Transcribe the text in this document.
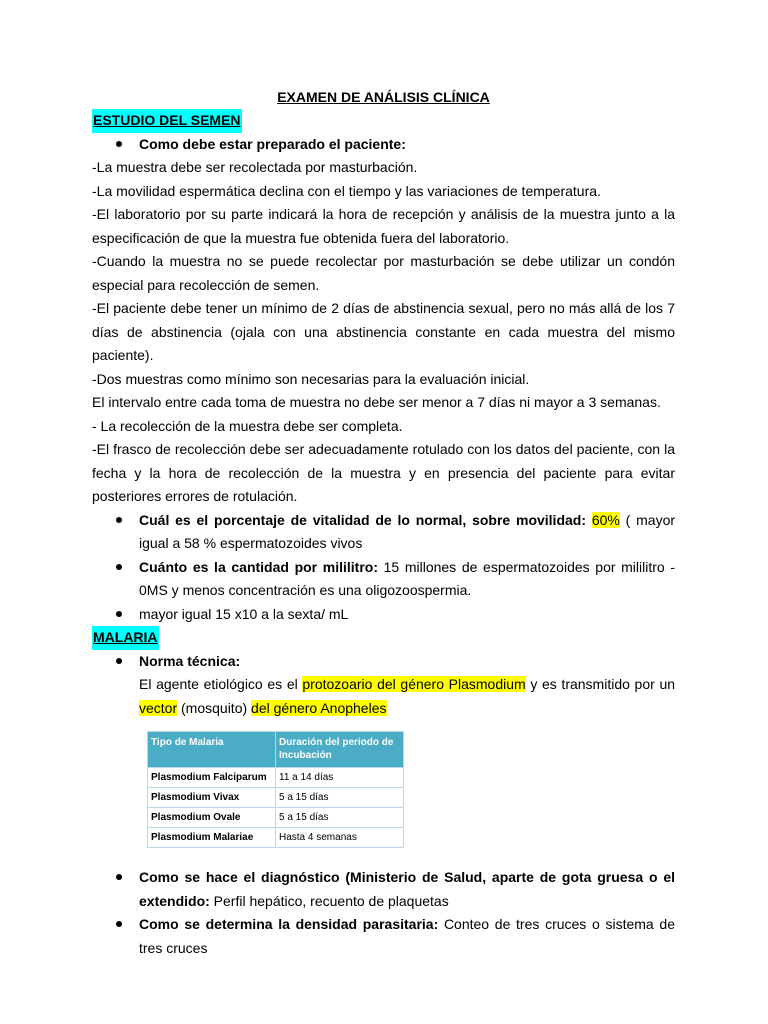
EXAMEN DE ANÁLISIS CLÍNICA
ESTUDIO DEL SEMEN
Como debe estar preparado el paciente:
-La muestra debe ser recolectada por masturbación.
-La movilidad espermática declina con el tiempo y las variaciones de temperatura.
-El laboratorio por su parte indicará la hora de recepción y análisis de la muestra junto a la especificación de que la muestra fue obtenida fuera del laboratorio.
-Cuando la muestra no se puede recolectar por masturbación se debe utilizar un condón especial para recolección de semen.
-El paciente debe tener un mínimo de 2 días de abstinencia sexual, pero no más allá de los 7 días de abstinencia (ojala con una abstinencia constante en cada muestra del mismo paciente).
-Dos muestras como mínimo son necesarias para la evaluación inicial.
El intervalo entre cada toma de muestra no debe ser menor a 7 días ni mayor a 3 semanas.
- La recolección de la muestra debe ser completa.
-El frasco de recolección debe ser adecuadamente rotulado con los datos del paciente, con la fecha y la hora de recolección de la muestra y en presencia del paciente para evitar posteriores errores de rotulación.
Cuál es el porcentaje de vitalidad de lo normal, sobre movilidad: 60% ( mayor igual a 58 % espermatozoides vivos
Cuánto es la cantidad por mililitro: 15 millones de espermatozoides por mililitro - 0MS y menos concentración es una oligozoospermia.
mayor igual 15 x10 a la sexta/ mL
MALARIA
Norma técnica:
El agente etiológico es el protozoario del género Plasmodium y es transmitido por un vector (mosquito) del género Anopheles
Tipo de Malaria	Duración del periodo de Incubación
Plasmodium Falciparum	11 a 14 días
Plasmodium Vivax	5 a 15 días
Plasmodium Ovale	5 a 15 días
Plasmodium Malariae	Hasta 4 semanas
Como se hace el diagnóstico (Ministerio de Salud, aparte de gota gruesa o el extendido: Perfil hepático, recuento de plaquetas
Como se determina la densidad parasitaria: Conteo de tres cruces o sistema de tres cruces
